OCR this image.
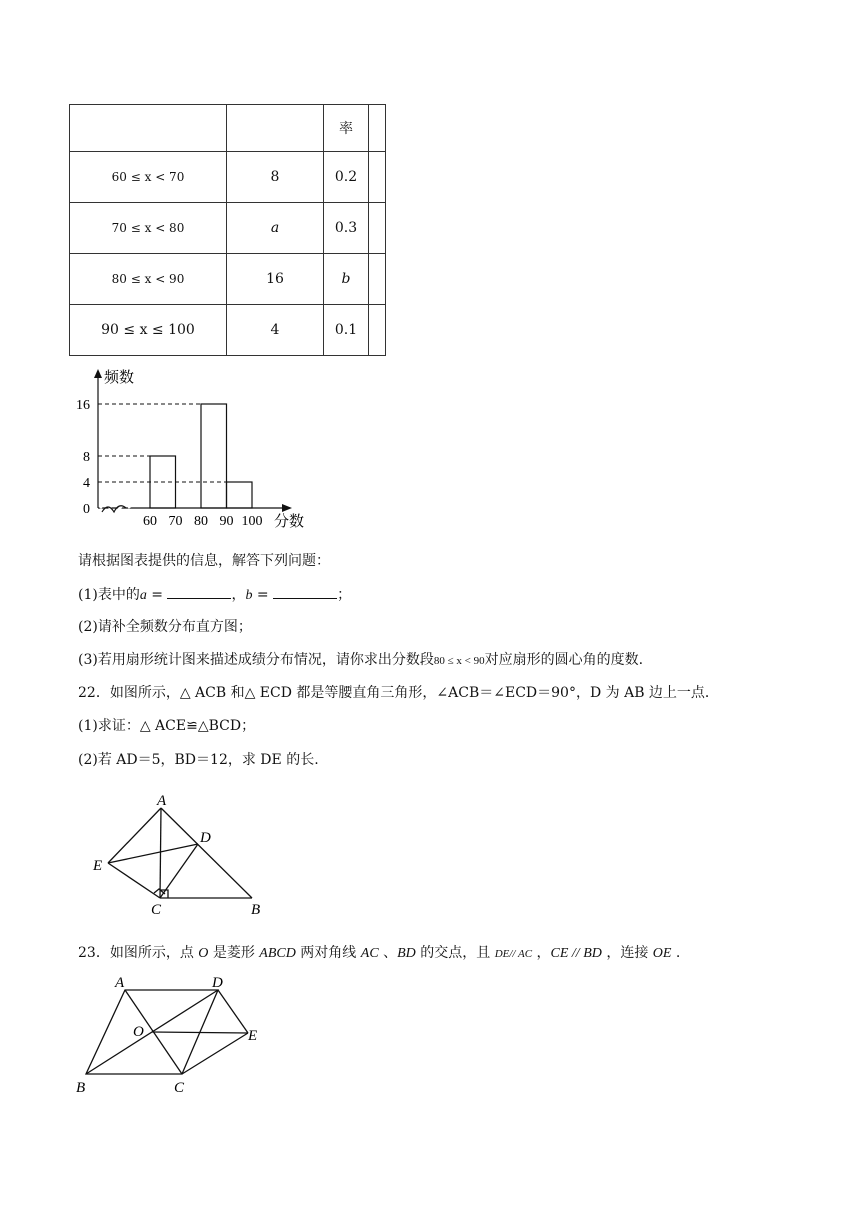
		率	
60 ≤ x < 70	8	0.2	
70 ≤ x < 80	a	0.3	
80 ≤ x < 90	16	b	
90 ≤ x ≤ 100	4	0.1	
60 70 80 90 100
0
4
8
16
频数
分数
请根据图表提供的信息，解答下列问题：
(1)表中的a =	，b =	；
(2)请补全频数分布直方图；
(3)若用扇形统计图来描述成绩分布情况，请你求出分数段80 ≤ x < 90对应扇形的圆心角的度数.
22．如图所示，△ ACB 和△ ECD 都是等腰直角三角形，∠ACB＝∠ECD＝90°，D 为 AB 边上一点．
(1)求证：△ ACE≌△BCD；
(2)若 AD＝5，BD＝12，求 DE 的长.
A
D
E
C	B
23．如图所示，点 O 是菱形 ABCD 两对角线 AC 、BD 的交点，且 DE// AC ，CE // BD ，连接 OE .
A	D
O	E
B	C
